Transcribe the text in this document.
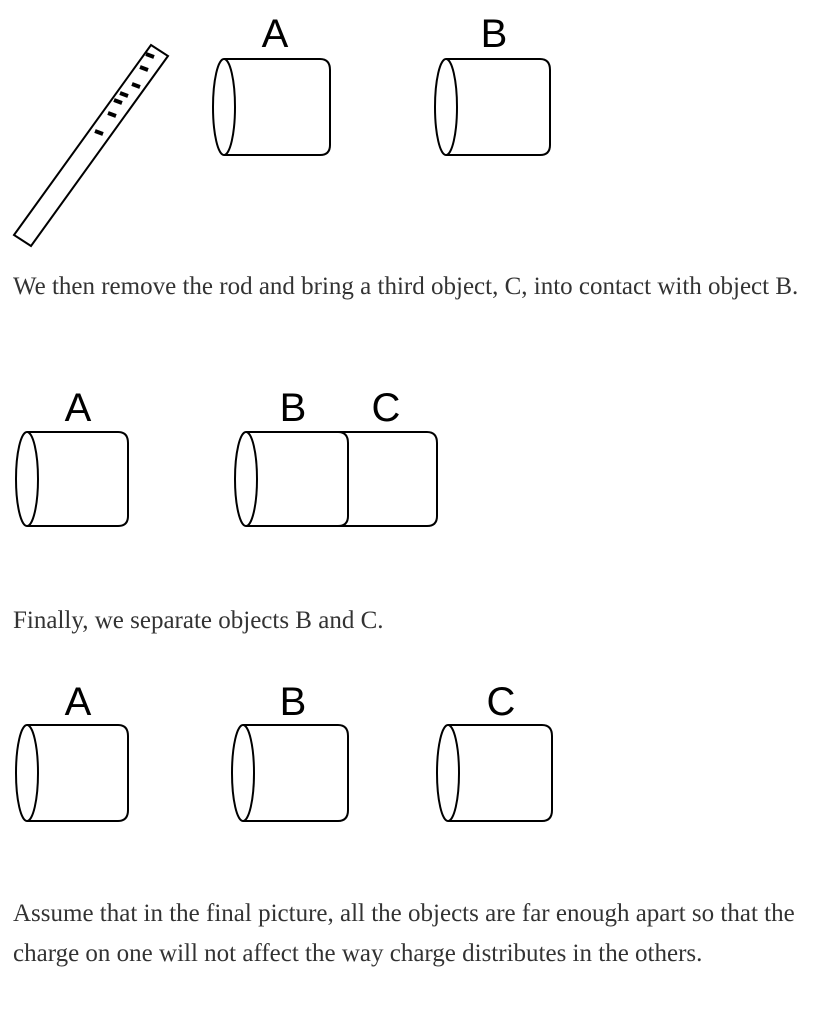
A	B

We then remove the rod and bring a third object, C, into contact with object B.

A	B C

Finally, we separate objects B and C.

A	B	C

Assume that in the final picture, all the objects are far enough apart so that the charge on one will not affect the way charge distributes in the others.
